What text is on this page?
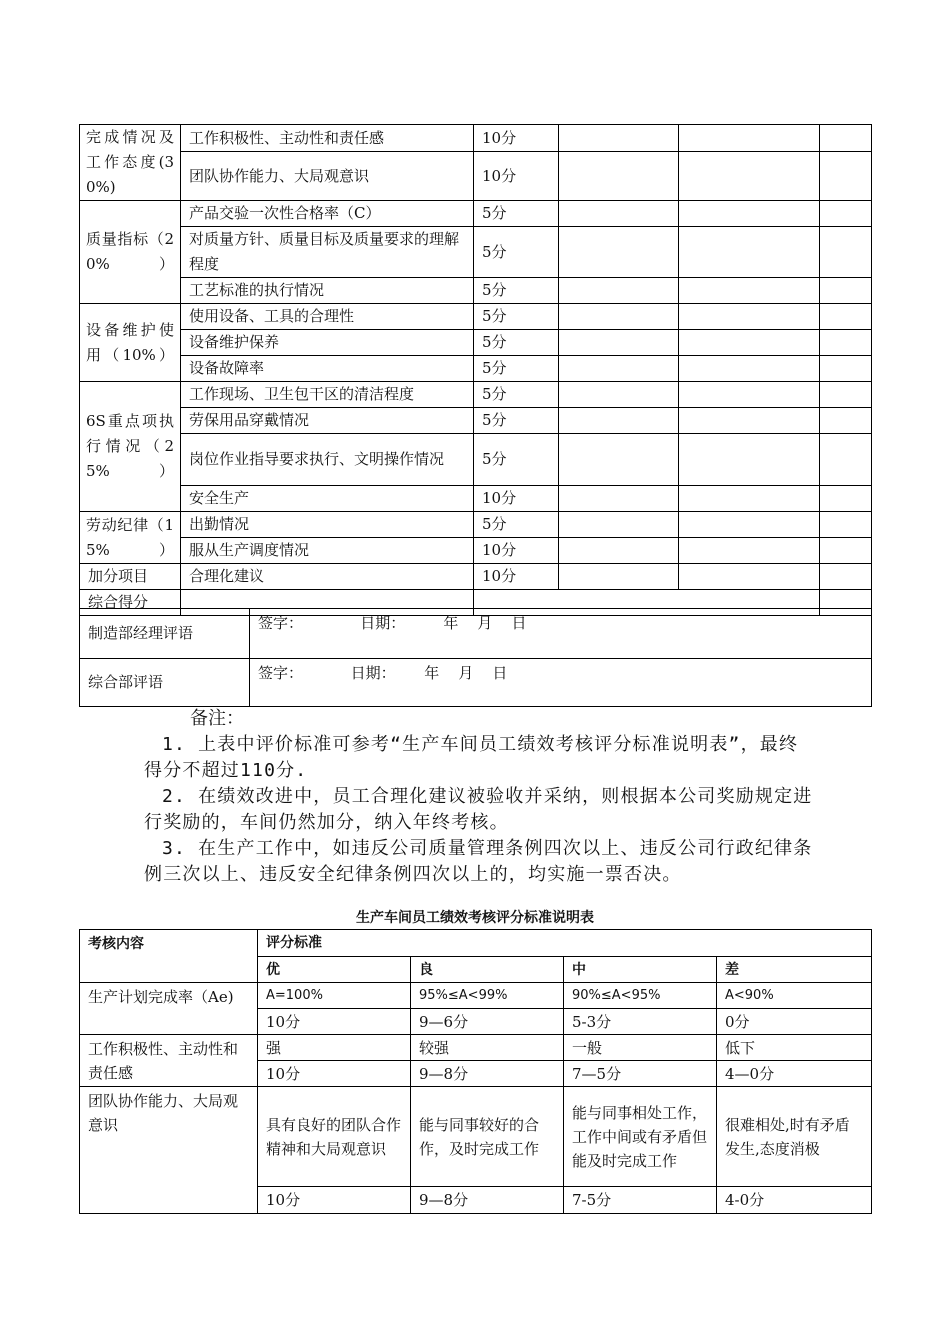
完成情况及工作态度(30%)	工作积极性、主动性和责任感	10分			
	团队协作能力、大局观意识	10分			
质量指标（20%）	产品交验一次性合格率（C）	5分			
	对质量方针、质量目标及质量要求的理解程度	5分			
	工艺标准的执行情况	5分			
设备维护使用（10%）	使用设备、工具的合理性	5分			
	设备维护保养	5分			
	设备故障率	5分			
6S重点项执行情况（25%）	工作现场、卫生包干区的清洁程度	5分			
	劳保用品穿戴情况	5分			
	岗位作业指导要求执行、文明操作情况	5分			
	安全生产	10分			
劳动纪律（15%）	出勤情况	5分			
	服从生产调度情况	10分			
加分项目	合理化建议	10分			
综合得分					
制造部经理评语	签字：            日期：        年    月    日
综合部评语	签字：          日期：      年    月    日
备注：

1. 上表中评价标准可参考“生产车间员工绩效考核评分标准说明表”，最终得分不超过110分.

2. 在绩效改进中，员工合理化建议被验收并采纳，则根据本公司奖励规定进行奖励的，车间仍然加分，纳入年终考核。

3. 在生产工作中，如违反公司质量管理条例四次以上、违反公司行政纪律条例三次以上、违反安全纪律条例四次以上的，均实施一票否决。

生产车间员工绩效考核评分标准说明表
考核内容	评分标准			
	优	良	中	差
生产计划完成率（Ae)	A=100%	95%≤A<99%	90%≤A<95%	A<90%
	10分	9—6分	5-3分	0分
工作积极性、主动性和责任感	强	较强	一般	低下
	10分	9—8分	7—5分	4—0分
团队协作能力、大局观意识	具有良好的团队合作精神和大局观意识	能与同事较好的合作，及时完成工作	能与同事相处工作，工作中间或有矛盾但能及时完成工作	很难相处,时有矛盾发生,态度消极
	10分	9—8分	7-5分	4-0分
